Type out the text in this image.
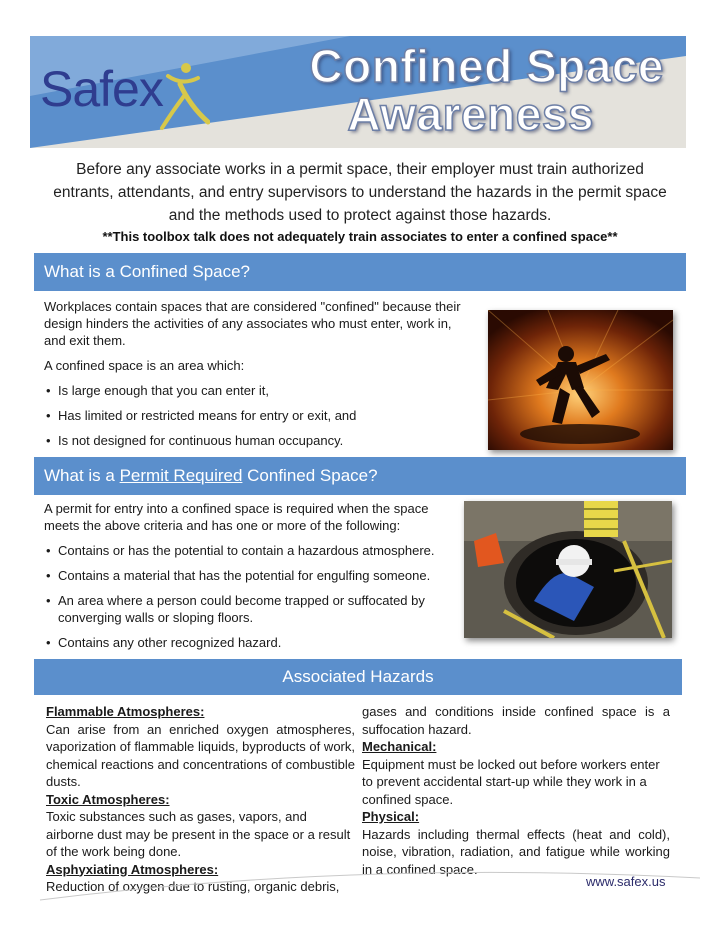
Safex	Confined Space
Awareness
Before any associate works in a permit space, their employer must train authorized entrants, attendants, and entry supervisors to understand the hazards in the permit space and the methods used to protect against those hazards.
**This toolbox talk does not adequately train associates to enter a confined space**
What is a Confined Space?

Workplaces contain spaces that are considered "confined" because their design hinders the activities of any associates who must enter, work in, and exit them.

A confined space is an area which:

• Is large enough that you can enter it,
• Has limited or restricted means for entry or exit, and
• Is not designed for continuous human occupancy.
What is a Permit Required Confined Space?

A permit for entry into a confined space is required when the space meets the above criteria and has one or more of the following:

• Contains or has the potential to contain a hazardous atmosphere.
• Contains a material that has the potential for engulfing someone.
• An area where a person could become trapped or suffocated by converging walls or sloping floors.
• Contains any other recognized hazard.
Associated Hazards
Flammable Atmospheres:
Can arise from an enriched oxygen atmospheres, vaporization of flammable liquids, byproducts of work, chemical reactions and concentrations of combustible dusts.
Toxic Atmospheres:
Toxic substances such as gases, vapors, and airborne dust may be present in the space or a result of the work being done.
Asphyxiating Atmospheres:
Reduction of oxygen due to rusting, organic debris,
gases and conditions inside confined space is a suffocation hazard.
Mechanical:
Equipment must be locked out before workers enter to prevent accidental start-up while they work in a confined space.
Physical:
Hazards including thermal effects (heat and cold), noise, vibration, radiation, and fatigue while working in a confined space.
www.safex.us
